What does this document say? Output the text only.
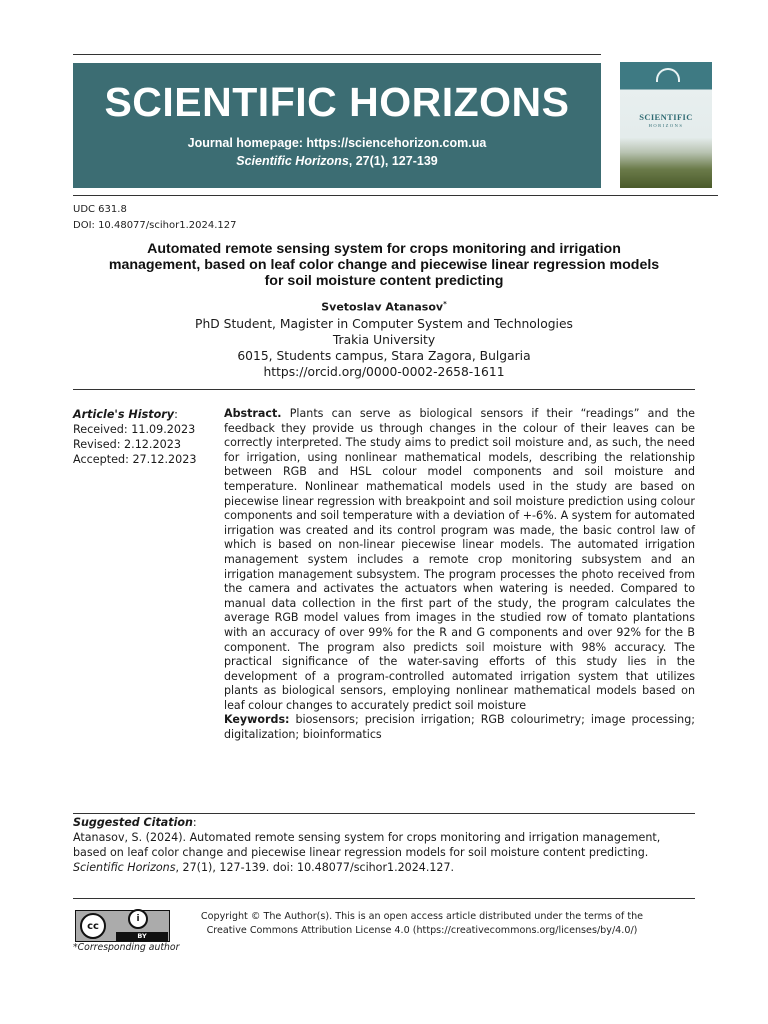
SCIENTIFIC HORIZONS
Journal homepage: https://sciencehorizon.com.ua
Scientific Horizons, 27(1), 127-139
SCIENTIFIC
HORIZONS
UDC 631.8
DOI: 10.48077/scihor1.2024.127
Automated remote sensing system for crops monitoring and irrigation
management, based on leaf color change and piecewise linear regression models
for soil moisture content predicting
Svetoslav Atanasov*
PhD Student, Magister in Computer System and Technologies
Trakia University
6015, Students campus, Stara Zagora, Bulgaria
https://orcid.org/0000-0002-2658-1611
Article's History:
Received: 11.09.2023
Revised: 2.12.2023
Accepted: 27.12.2023
Abstract. Plants can serve as biological sensors if their “readings” and the feedback they provide us through changes in the colour of their leaves can be correctly interpreted. The study aims to predict soil moisture and, as such, the need for irrigation, using nonlinear mathematical models, describing the relationship between RGB and HSL colour model components and soil moisture and temperature. Nonlinear mathematical models used in the study are based on piecewise linear regression with breakpoint and soil moisture prediction using colour components and soil temperature with a deviation of +-6%. A system for automated irrigation was created and its control program was made, the basic control law of which is based on non-linear piecewise linear models. The automated irrigation management system includes a remote crop monitoring subsystem and an irrigation management subsystem. The program processes the photo received from the camera and activates the actuators when watering is needed. Compared to manual data collection in the first part of the study, the program calculates the average RGB model values from images in the studied row of tomato plantations with an accuracy of over 99% for the R and G components and over 92% for the B component. The program also predicts soil moisture with 98% accuracy. The practical significance of the water-saving efforts of this study lies in the development of a program-controlled automated irrigation system that utilizes plants as biological sensors, employing nonlinear mathematical models based on leaf colour changes to accurately predict soil moisture
Keywords: biosensors; precision irrigation; RGB colourimetry; image processing; digitalization; bioinformatics
Suggested Citation:
Atanasov, S. (2024). Automated remote sensing system for crops monitoring and irrigation management, based on leaf color change and piecewise linear regression models for soil moisture content predicting. Scientific Horizons, 27(1), 127-139. doi: 10.48077/scihor1.2024.127.
cc
i
BY
*Corresponding author
Copyright © The Author(s). This is an open access article distributed under the terms of the
Creative Commons Attribution License 4.0 (https://creativecommons.org/licenses/by/4.0/)
